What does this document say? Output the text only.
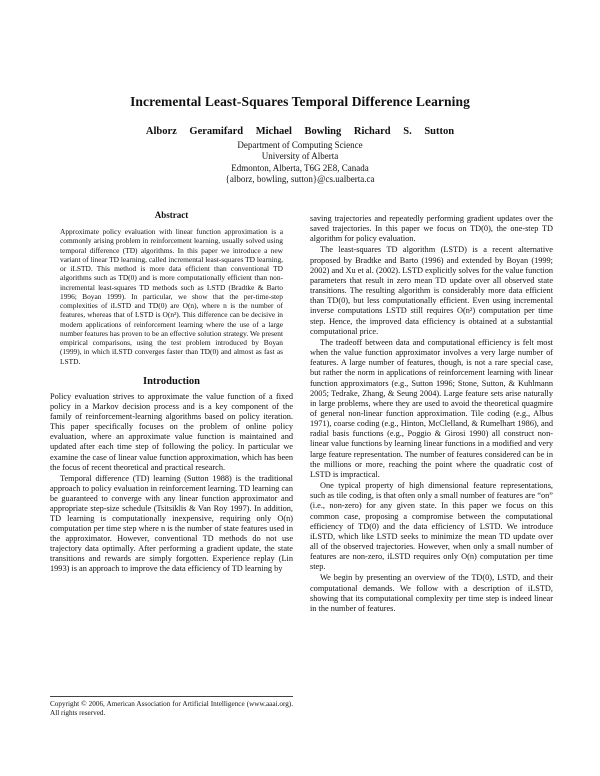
Incremental Least-Squares Temporal Difference Learning
Alborz Geramifard Michael Bowling Richard S. Sutton
Department of Computing Science
University of Alberta
Edmonton, Alberta, T6G 2E8, Canada
{alborz, bowling, sutton}@cs.ualberta.ca
Abstract
Approximate policy evaluation with linear function approximation is a commonly arising problem in reinforcement learning, usually solved using temporal difference (TD) algorithms. In this paper we introduce a new variant of linear TD learning, called incremental least-squares TD learning, or iLSTD. This method is more data efficient than conventional TD algorithms such as TD(0) and is more computationally efficient than non-incremental least-squares TD methods such as LSTD (Bradtke & Barto 1996; Boyan 1999). In particular, we show that the per-time-step complexities of iLSTD and TD(0) are O(n), where n is the number of features, whereas that of LSTD is O(n²). This difference can be decisive in modern applications of reinforcement learning where the use of a large number features has proven to be an effective solution strategy. We present empirical comparisons, using the test problem introduced by Boyan (1999), in which iLSTD converges faster than TD(0) and almost as fast as LSTD.
Introduction

Policy evaluation strives to approximate the value function of a fixed policy in a Markov decision process and is a key component of the family of reinforcement-learning algorithms based on policy iteration. This paper specifically focuses on the problem of online policy evaluation, where an approximate value function is maintained and updated after each time step of following the policy. In particular we examine the case of linear value function approximation, which has been the focus of recent theoretical and practical research.

Temporal difference (TD) learning (Sutton 1988) is the traditional approach to policy evaluation in reinforcement learning. TD learning can be guaranteed to converge with any linear function approximator and appropriate step-size schedule (Tsitsiklis & Van Roy 1997). In addition, TD learning is computationally inexpensive, requiring only O(n) computation per time step where n is the number of state features used in the approximator. However, conventional TD methods do not use trajectory data optimally. After performing a gradient update, the state transitions and rewards are simply forgotten. Experience replay (Lin 1993) is an approach to improve the data efficiency of TD learning by

Copyright © 2006, American Association for Artificial Intelligence (www.aaai.org). All rights reserved.

saving trajectories and repeatedly performing gradient updates over the saved trajectories. In this paper we focus on TD(0), the one-step TD algorithm for policy evaluation.

The least-squares TD algorithm (LSTD) is a recent alternative proposed by Bradtke and Barto (1996) and extended by Boyan (1999; 2002) and Xu et al. (2002). LSTD explicitly solves for the value function parameters that result in zero mean TD update over all observed state transitions. The resulting algorithm is considerably more data efficient than TD(0), but less computationally efficient. Even using incremental inverse computations LSTD still requires O(n²) computation per time step. Hence, the improved data efficiency is obtained at a substantial computational price.

The tradeoff between data and computational efficiency is felt most when the value function approximator involves a very large number of features. A large number of features, though, is not a rare special case, but rather the norm in applications of reinforcement learning with linear function approximators (e.g., Sutton 1996; Stone, Sutton, & Kuhlmann 2005; Tedrake, Zhang, & Seung 2004). Large feature sets arise naturally in large problems, where they are used to avoid the theoretical quagmire of general non-linear function approximation. Tile coding (e.g., Albus 1971), coarse coding (e.g., Hinton, McClelland, & Rumelhart 1986), and radial basis functions (e.g., Poggio & Girosi 1990) all construct non-linear value functions by learning linear functions in a modified and very large feature representation. The number of features considered can be in the millions or more, reaching the point where the quadratic cost of LSTD is impractical.

One typical property of high dimensional feature representations, such as tile coding, is that often only a small number of features are “on” (i.e., non-zero) for any given state. In this paper we focus on this common case, proposing a compromise between the computational efficiency of TD(0) and the data efficiency of LSTD. We introduce iLSTD, which like LSTD seeks to minimize the mean TD update over all of the observed trajectories. However, when only a small number of features are non-zero, iLSTD requires only O(n) computation per time step.

We begin by presenting an overview of the TD(0), LSTD, and their computational demands. We follow with a description of iLSTD, showing that its computational complexity per time step is indeed linear in the number of features.
